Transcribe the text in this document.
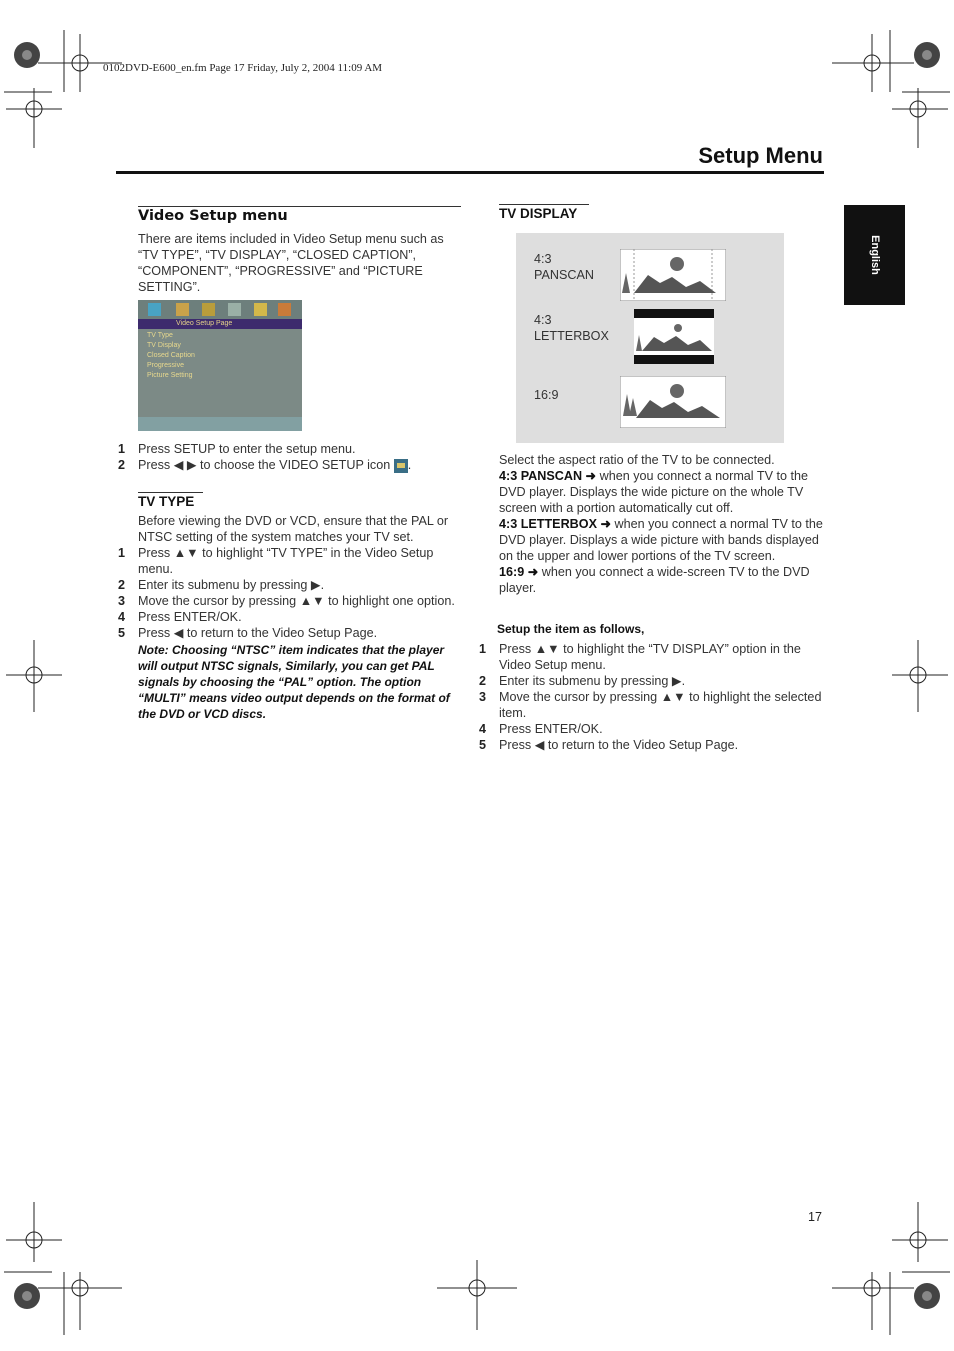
0102DVD-E600_en.fm Page 17 Friday, July 2, 2004 11:09 AM
Setup Menu
English
Video Setup menu
There are items included in Video Setup menu such as “TV TYPE”, “TV DISPLAY”, “CLOSED CAPTION”, “COMPONENT”, “PROGRESSIVE” and “PICTURE SETTING”.
Video Setup Page
TV Type
TV Display
Closed Caption
Progressive
Picture Setting
1	Press SETUP to enter the setup menu.
2	Press ◀ ▶ to choose the VIDEO SETUP icon .
TV TYPE
Before viewing the DVD or VCD, ensure that the PAL or NTSC setting of the system matches your TV set.
1	Press ▲▼ to highlight “TV TYPE” in the Video Setup menu.
2	Enter its submenu by pressing ▶.
3	Move the cursor by pressing ▲▼ to highlight one option.
4	Press ENTER/OK.
5	Press ◀ to return to the Video Setup Page.
Note: Choosing “NTSC” item indicates that the player will output NTSC signals, Similarly, you can get PAL signals by choosing the “PAL” option. The option “MULTI” means video output depends on the format of the DVD or VCD discs.
TV DISPLAY
4:3
PANSCAN
4:3
LETTERBOX
16:9
Select the aspect ratio of the TV to be connected.
4:3 PANSCAN ➜ when you connect a normal TV to the DVD player. Displays the wide picture on the whole TV screen with a portion automatically cut off.
4:3 LETTERBOX ➜ when you connect a normal TV to the DVD player. Displays a wide picture with bands displayed on the upper and lower portions of the TV screen.
16:9 ➜ when you connect a wide-screen TV to the DVD player.
Setup the item as follows,
1	Press ▲▼ to highlight the “TV DISPLAY” option in the Video Setup menu.
2	Enter its submenu by pressing ▶.
3	Move the cursor by pressing ▲▼ to highlight the selected item.
4	Press ENTER/OK.
5	Press ◀ to return to the Video Setup Page.
17
